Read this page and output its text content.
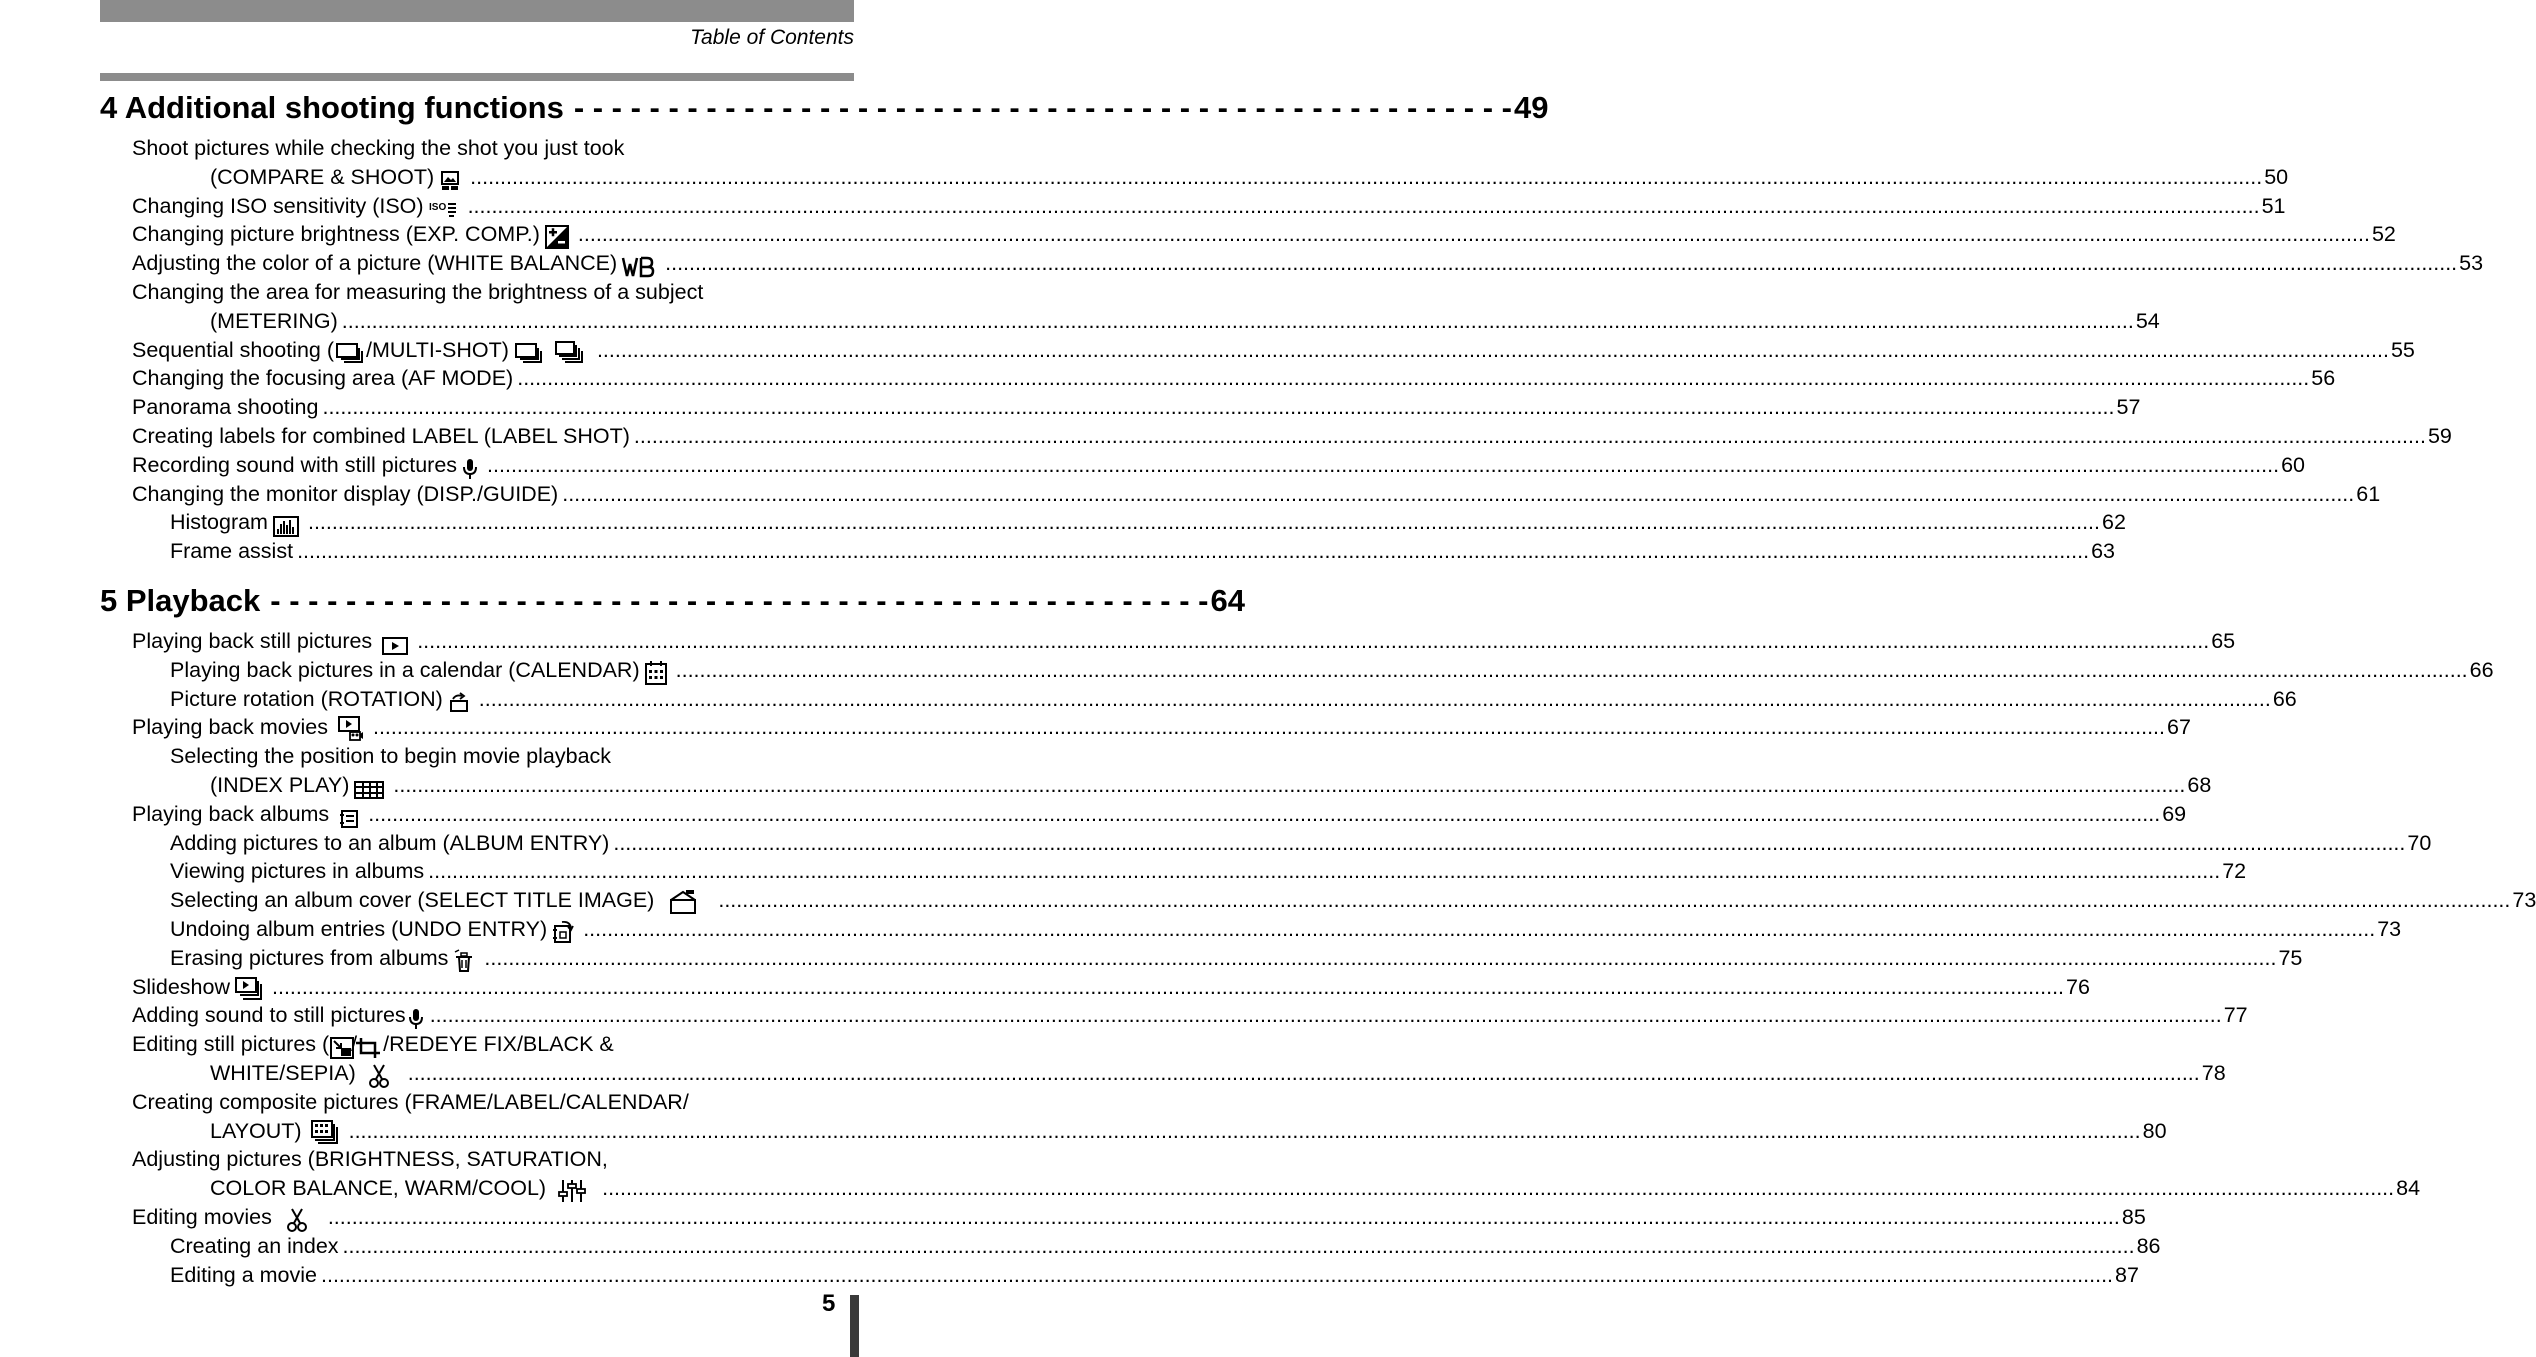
Table of Contents
4 Additional shooting functions - - - - - - - - - - - - - - - - - - - - - - - - - - - - - - - - - - - - - - - - - - - - - - - - - - 49
Shoot pictures while checking the shot you just took
(COMPARE & SHOOT) ............................................................................................................................................................................................................................................................................................................ 50
Changing ISO sensitivity (ISO) ISO ............................................................................................................................................................................................................................................................................................................ 51
Changing picture brightness (EXP. COMP.) ............................................................................................................................................................................................................................................................................................................ 52
Adjusting the color of a picture (WHITE BALANCE) ............................................................................................................................................................................................................................................................................................................ 53
Changing the area for measuring the brightness of a subject
(METERING) ............................................................................................................................................................................................................................................................................................................ 54
Sequential shooting ( /MULTI-SHOT)	............................................................................................................................................................................................................................................................................................................ 55
Changing the focusing area (AF MODE) ............................................................................................................................................................................................................................................................................................................ 56
Panorama shooting ............................................................................................................................................................................................................................................................................................................ 57
Creating labels for combined LABEL (LABEL SHOT) ............................................................................................................................................................................................................................................................................................................ 59
Recording sound with still pictures ............................................................................................................................................................................................................................................................................................................ 60
Changing the monitor display (DISP./GUIDE) ............................................................................................................................................................................................................................................................................................................ 61
Histogram ............................................................................................................................................................................................................................................................................................................ 62
Frame assist ............................................................................................................................................................................................................................................................................................................ 63
5 Playback - - - - - - - - - - - - - - - - - - - - - - - - - - - - - - - - - - - - - - - - - - - - - - - - - - 64
Playing back still pictures ............................................................................................................................................................................................................................................................................................................ 65
Playing back pictures in a calendar (CALENDAR) ............................................................................................................................................................................................................................................................................................................ 66
Picture rotation (ROTATION) ............................................................................................................................................................................................................................................................................................................ 66
Playing back movies ............................................................................................................................................................................................................................................................................................................ 67
Selecting the position to begin movie playback
(INDEX PLAY) ............................................................................................................................................................................................................................................................................................................ 68
Playing back albums ............................................................................................................................................................................................................................................................................................................ 69
Adding pictures to an album (ALBUM ENTRY) ............................................................................................................................................................................................................................................................................................................ 70
Viewing pictures in albums ............................................................................................................................................................................................................................................................................................................ 72
Selecting an album cover (SELECT TITLE IMAGE)	............................................................................................................................................................................................................................................................................................................ 73
Undoing album entries (UNDO ENTRY) ............................................................................................................................................................................................................................................................................................................ 73
Erasing pictures from albums ............................................................................................................................................................................................................................................................................................................ 75
Slideshow ............................................................................................................................................................................................................................................................................................................ 76
Adding sound to still pictures ............................................................................................................................................................................................................................................................................................................ 77
Editing still pictures ( / /REDEYE FIX/BLACK &
WHITE/SEPIA) ............................................................................................................................................................................................................................................................................................................ 78
Creating composite pictures (FRAME/LABEL/CALENDAR/
LAYOUT) ............................................................................................................................................................................................................................................................................................................ 80
Adjusting pictures (BRIGHTNESS, SATURATION,
COLOR BALANCE, WARM/COOL)	............................................................................................................................................................................................................................................................................................................ 84
Editing movies	............................................................................................................................................................................................................................................................................................................ 85
Creating an index ............................................................................................................................................................................................................................................................................................................ 86
Editing a movie ............................................................................................................................................................................................................................................................................................................ 87
5
